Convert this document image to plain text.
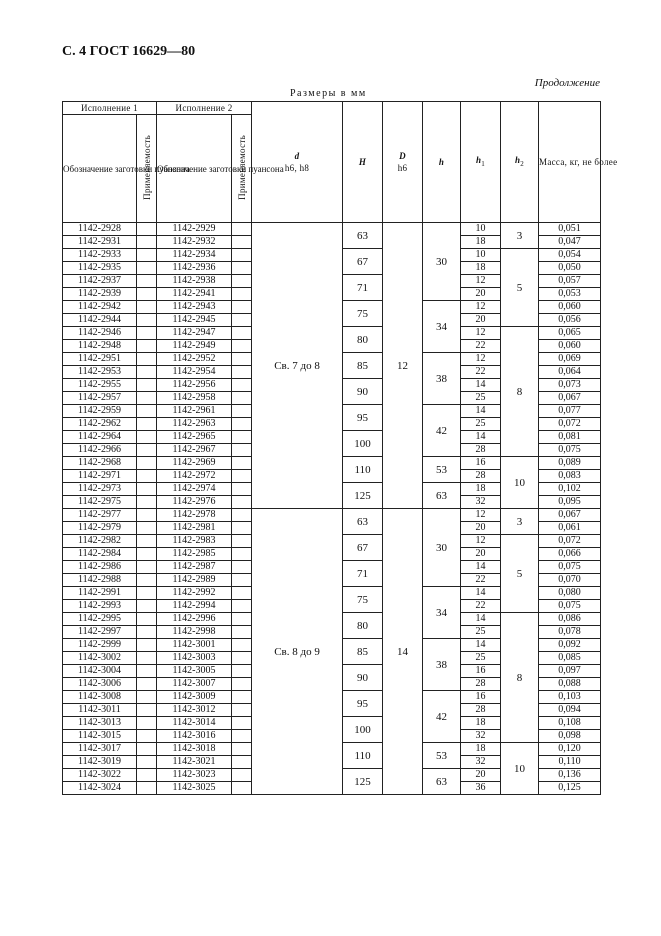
С. 4 ГОСТ 16629—80
Продолжение
Размеры в мм
Исполнение 1		Исполнение 2		d
h6, h8	H	D
h6	h	$h_1$	$h_2$	Масса, кг, не более
Обозначение заготовки пуансона	Применяемость	Обозначение заготовки пуансона	Применяемость							
1142-2928		1142-2929		Св. 7 до 8	63	12	30	10	3	0,051
1142-2931		1142-2932						18		0,047
1142-2933		1142-2934			67			10	5	0,054
1142-2935		1142-2936						18		0,050
1142-2937		1142-2938			71			12		0,057
1142-2939		1142-2941						20		0,053
1142-2942		1142-2943			75		34	12		0,060
1142-2944		1142-2945						20		0,056
1142-2946		1142-2947			80			12	8	0,065
1142-2948		1142-2949						22		0,060
1142-2951		1142-2952			85		38	12		0,069
1142-2953		1142-2954						22		0,064
1142-2955		1142-2956			90			14		0,073
1142-2957		1142-2958						25		0,067
1142-2959		1142-2961			95		42	14		0,077
1142-2962		1142-2963						25		0,072
1142-2964		1142-2965			100			14		0,081
1142-2966		1142-2967						28		0,075
1142-2968		1142-2969			110		53	16	10	0,089
1142-2971		1142-2972						28		0,083
1142-2973		1142-2974			125		63	18		0,102
1142-2975		1142-2976						32		0,095
1142-2977		1142-2978		Св. 8 до 9	63	14	30	12	3	0,067
1142-2979		1142-2981						20		0,061
1142-2982		1142-2983			67			12	5	0,072
1142-2984		1142-2985						20		0,066
1142-2986		1142-2987			71			14		0,075
1142-2988		1142-2989						22		0,070
1142-2991		1142-2992			75		34	14		0,080
1142-2993		1142-2994						22		0,075
1142-2995		1142-2996			80			14	8	0,086
1142-2997		1142-2998						25		0,078
1142-2999		1142-3001			85		38	14		0,092
1142-3002		1142-3003						25		0,085
1142-3004		1142-3005			90			16		0,097
1142-3006		1142-3007						28		0,088
1142-3008		1142-3009			95		42	16		0,103
1142-3011		1142-3012						28		0,094
1142-3013		1142-3014			100			18		0,108
1142-3015		1142-3016						32		0,098
1142-3017		1142-3018			110		53	18	10	0,120
1142-3019		1142-3021						32		0,110
1142-3022		1142-3023			125		63	20		0,136
1142-3024		1142-3025						36		0,125
